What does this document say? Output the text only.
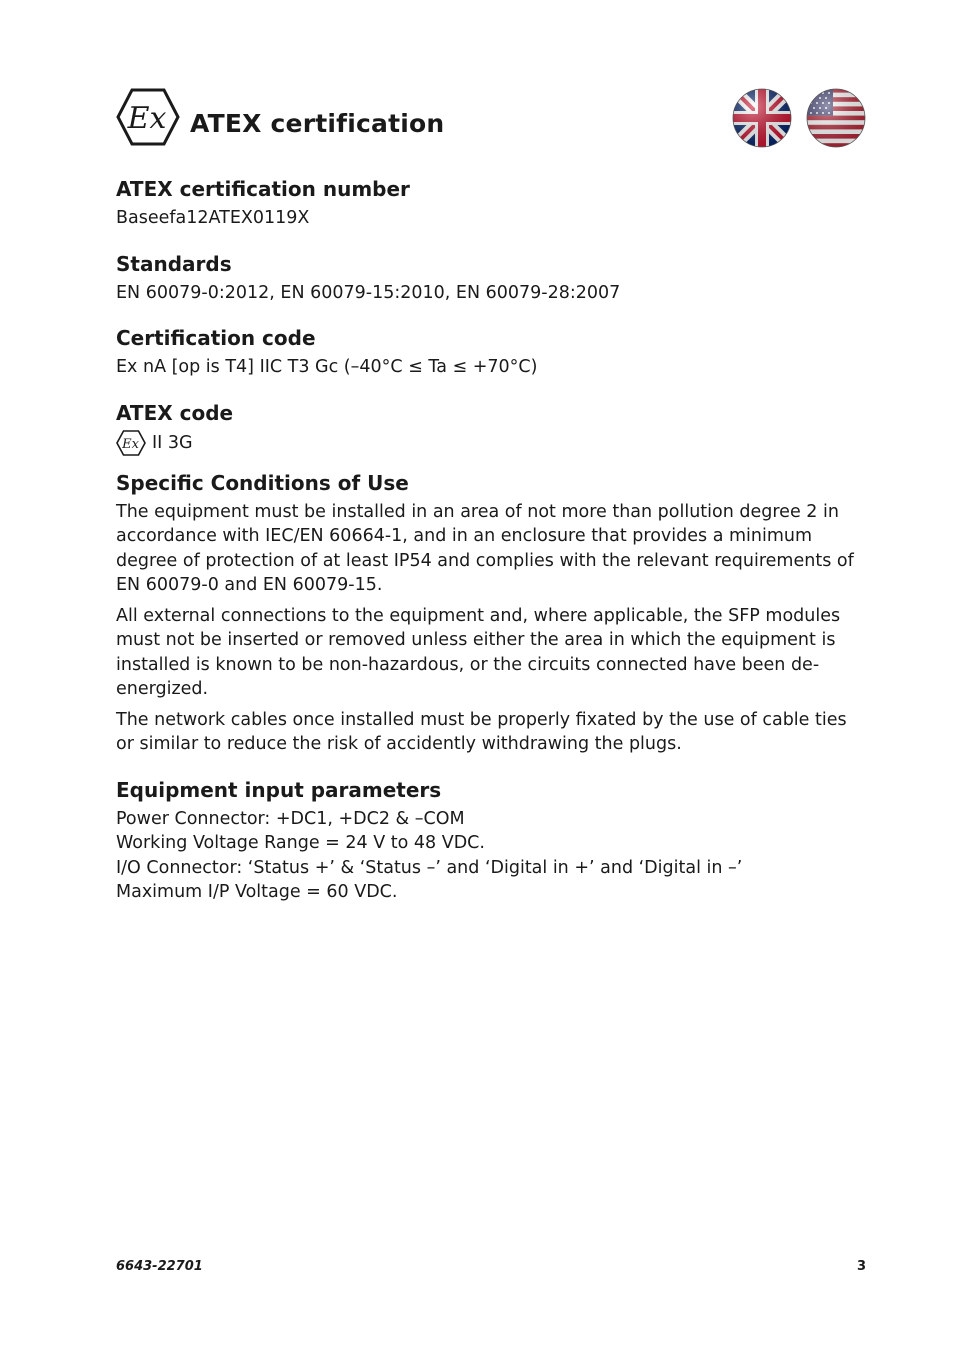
Ex ATEX certification
ATEX certification number

Baseefa12ATEX0119X

Standards

EN 60079-0:2012, EN 60079-15:2010, EN 60079-28:2007

Certification code

Ex nA [op is T4] IIC T3 Gc (–40°C ≤ Ta ≤ +70°C)

ATEX code
Ex II 3G
Specific Conditions of Use

The equipment must be installed in an area of not more than pollution degree 2 in accordance with IEC/EN 60664-1, and in an enclosure that provides a minimum degree of protection of at least IP54 and complies with the relevant requirements of EN 60079-0 and EN 60079-15.

All external connections to the equipment and, where applicable, the SFP modules must not be inserted or removed unless either the area in which the equipment is installed is known to be non-hazardous, or the circuits connected have been de-energized.

The network cables once installed must be properly fixated by the use of cable ties or similar to reduce the risk of accidently withdrawing the plugs.

Equipment input parameters

Power Connector: +DC1, +DC2 & –COM

Working Voltage Range = 24 V to 48 VDC.

I/O Connector: ‘Status +’ & ‘Status –’ and ‘Digital in +’ and ‘Digital in –’

Maximum I/P Voltage = 60 VDC.

6643-22701	3
